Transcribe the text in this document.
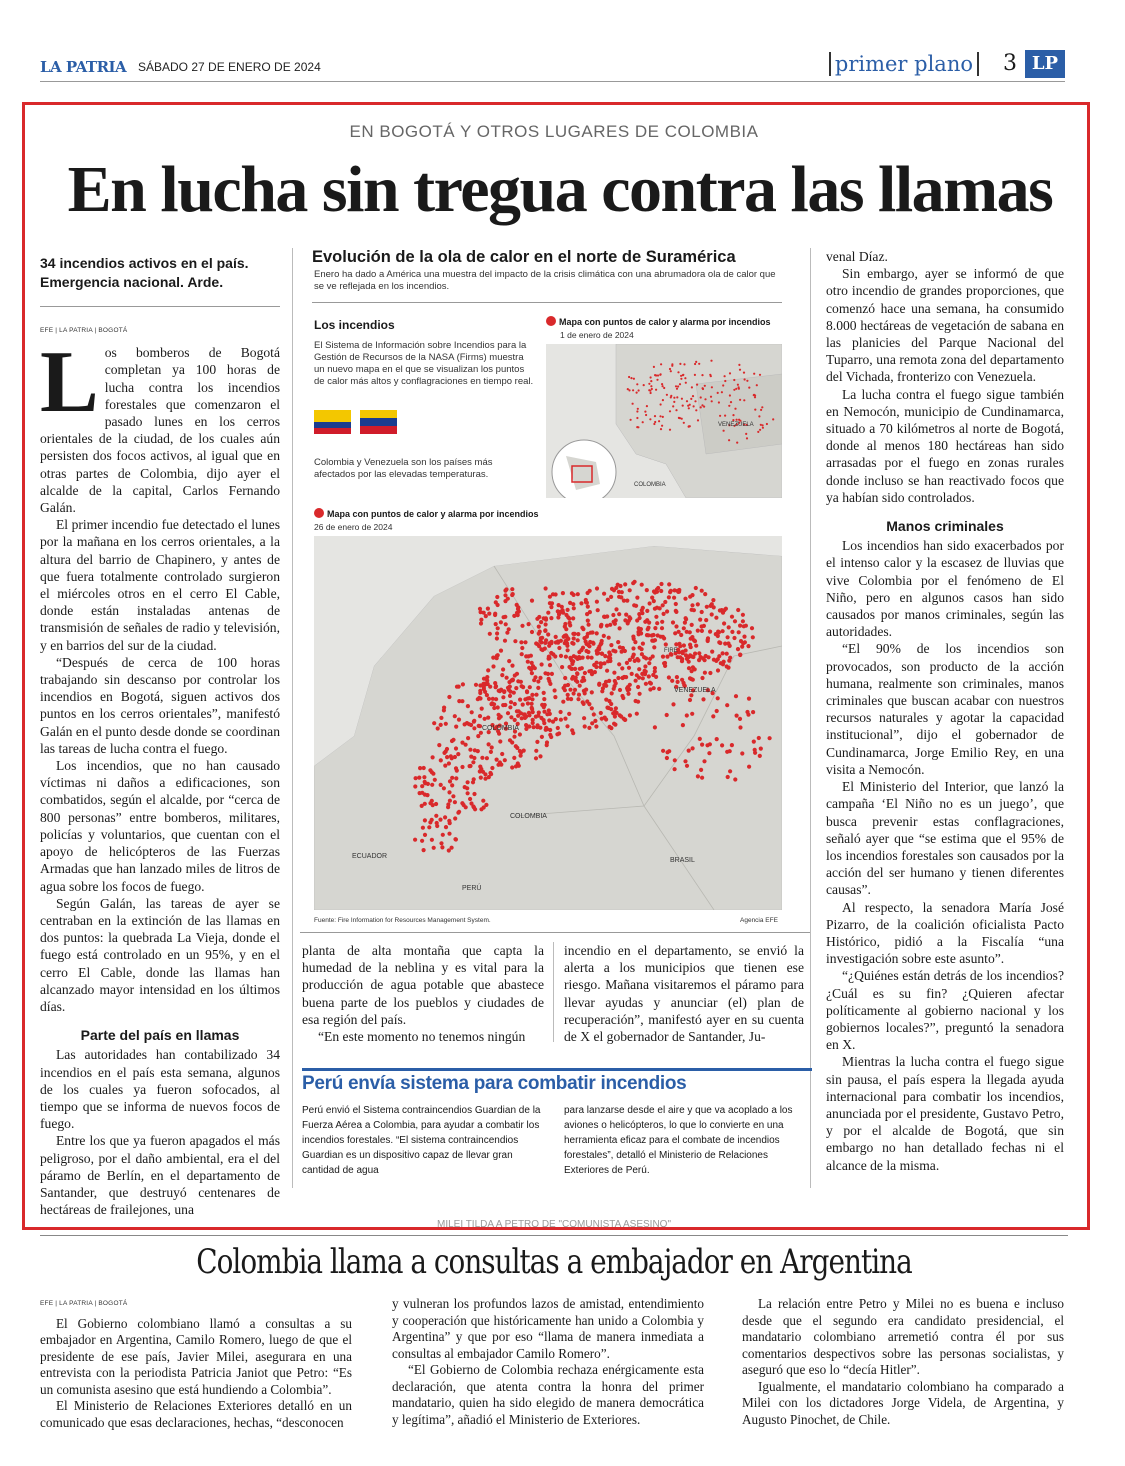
LA PATRIA SÁBADO 27 DE ENERO DE 2024	primer plano 3 LP
EN BOGOTÁ Y OTROS LUGARES DE COLOMBIA
En lucha sin tregua contra las llamas
34 incendios activos en el país. Emergencia nacional. Arde.
EFE | LA PATRIA | BOGOTÁ

Los bomberos de Bogotá completan ya 100 horas de lucha contra los incendios forestales que comenzaron el pasado lunes en los cerros orientales de la ciudad, de los cuales aún persisten dos focos activos, al igual que en otras partes de Colombia, dijo ayer el alcalde de la capital, Carlos Fernando Galán.

El primer incendio fue detectado el lunes por la mañana en los cerros orientales, a la altura del barrio de Chapinero, y antes de que fuera totalmente controlado surgieron el miércoles otros en el cerro El Cable, donde están instaladas antenas de transmisión de señales de radio y televisión, y en barrios del sur de la ciudad.

“Después de cerca de 100 horas trabajando sin descanso por controlar los incendios en Bogotá, siguen activos dos puntos en los cerros orientales”, manifestó Galán en el punto desde donde se coordinan las tareas de lucha contra el fuego.

Los incendios, que no han causado víctimas ni daños a edificaciones, son combatidos, según el alcalde, por “cerca de 800 personas” entre bomberos, militares, policías y voluntarios, que cuentan con el apoyo de helicópteros de las Fuerzas Armadas que han lanzado miles de litros de agua sobre los focos de fuego.

Según Galán, las tareas de ayer se centraban en la extinción de las llamas en dos puntos: la quebrada La Vieja, donde el fuego está controlado en un 95%, y en el cerro El Cable, donde las llamas han alcanzado mayor intensidad en los últimos días.

Parte del país en llamas

Las autoridades han contabilizado 34 incendios en el país esta semana, algunos de los cuales ya fueron sofocados, al tiempo que se informa de nuevos focos de fuego.

Entre los que ya fueron apagados el más peligroso, por el daño ambiental, era el del páramo de Berlín, en el departamento de Santander, que destruyó centenares de hectáreas de frailejones, una

Evolución de la ola de calor en el norte de Suramérica
Enero ha dado a América una muestra del impacto de la crisis climática con una abrumadora ola de calor que se ve reflejada en los incendios.
Los incendios
El Sistema de Información sobre Incendios para la Gestión de Recursos de la NASA (Firms) muestra un nuevo mapa en el que se visualizan los puntos de calor más altos y conflagraciones en tiempo real.
Colombia y Venezuela son los países más afectados por las elevadas temperaturas.
Mapa con puntos de calor y alarma por incendios
1 de enero de 2024
VENEZUELA
COLOMBIA
Mapa con puntos de calor y alarma por incendios
26 de enero de 2024
VENEZUELA
COLOMBIA
COLOMBIA
ECUADOR
PERÚ
BRASIL
FIRE
Fuente: Fire Information for Resources Management System.	Agencia EFE

planta de alta montaña que capta la humedad de la neblina y es vital para la producción de agua potable que abastece buena parte de los pueblos y ciudades de esa región del país.

“En este momento no tenemos ningún

incendio en el departamento, se envió la alerta a los municipios que tienen ese riesgo. Mañana visitaremos el páramo para llevar ayudas y anunciar (el) plan de recuperación”, manifestó ayer en su cuenta de X el gobernador de Santander, Ju-

Perú envía sistema para combatir incendios
Perú envió el Sistema contraincendios Guardian de la Fuerza Aérea a Colombia, para ayudar a combatir los incendios forestales. “El sistema contraincendios Guardian es un dispositivo capaz de llevar gran cantidad de agua
para lanzarse desde el aire y que va acoplado a los aviones o helicópteros, lo que lo convierte en una herramienta eficaz para el combate de incendios forestales”, detalló el Ministerio de Relaciones Exteriores de Perú.

venal Díaz.

Sin embargo, ayer se informó de que otro incendio de grandes proporciones, que comenzó hace una semana, ha consumido 8.000 hectáreas de vegetación de sabana en las planicies del Parque Nacional del Tuparro, una remota zona del departamento del Vichada, fronterizo con Venezuela.

La lucha contra el fuego sigue también en Nemocón, municipio de Cundinamarca, situado a 70 kilómetros al norte de Bogotá, donde al menos 180 hectáreas han sido arrasadas por el fuego en zonas rurales donde incluso se han reactivado focos que ya habían sido controlados.

Manos criminales

Los incendios han sido exacerbados por el intenso calor y la escasez de lluvias que vive Colombia por el fenómeno de El Niño, pero en algunos casos han sido causados por manos criminales, según las autoridades.

“El 90% de los incendios son provocados, son producto de la acción humana, realmente son criminales, manos criminales que buscan acabar con nuestros recursos naturales y agotar la capacidad institucional”, dijo el gobernador de Cundinamarca, Jorge Emilio Rey, en una visita a Nemocón.

El Ministerio del Interior, que lanzó la campaña ‘El Niño no es un juego’, que busca prevenir estas conflagraciones, señaló ayer que “se estima que el 95% de los incendios forestales son causados por la acción del ser humano y tienen diferentes causas”.

Al respecto, la senadora María José Pizarro, de la coalición oficialista Pacto Histórico, pidió a la Fiscalía “una investigación sobre este asunto”.

“¿Quiénes están detrás de los incendios? ¿Cuál es su fin? ¿Quieren afectar políticamente al gobierno nacional y los gobiernos locales?”, preguntó la senadora en X.

Mientras la lucha contra el fuego sigue sin pausa, el país espera la llegada ayuda internacional para combatir los incendios, anunciada por el presidente, Gustavo Petro, y por el alcalde de Bogotá, que sin embargo no han detallado fechas ni el alcance de la misma.

MILEI TILDA A PETRO DE "COMUNISTA ASESINO"
Colombia llama a consultas a embajador en Argentina
EFE | LA PATRIA | BOGOTÁ

El Gobierno colombiano llamó a consultas a su embajador en Argentina, Camilo Romero, luego de que el presidente de ese país, Javier Milei, asegurara en una entrevista con la periodista Patricia Janiot que Petro: “Es un comunista asesino que está hundiendo a Colombia”.

El Ministerio de Relaciones Exteriores detalló en un comunicado que esas declaraciones, hechas, “desconocen

y vulneran los profundos lazos de amistad, entendimiento y cooperación que históricamente han unido a Colombia y Argentina” y que por eso “llama de manera inmediata a consultas al embajador Camilo Romero”.

“El Gobierno de Colombia rechaza enérgicamente esta declaración, que atenta contra la honra del primer mandatario, quien ha sido elegido de manera democrática y legítima”, añadió el Ministerio de Exteriores.

La relación entre Petro y Milei no es buena e incluso desde que el segundo era candidato presidencial, el mandatario colombiano arremetió contra él por sus comentarios despectivos sobre las personas socialistas, y aseguró que eso lo “decía Hitler”.

Igualmente, el mandatario colombiano ha comparado a Milei con los dictadores Jorge Videla, de Argentina, y Augusto Pinochet, de Chile.
